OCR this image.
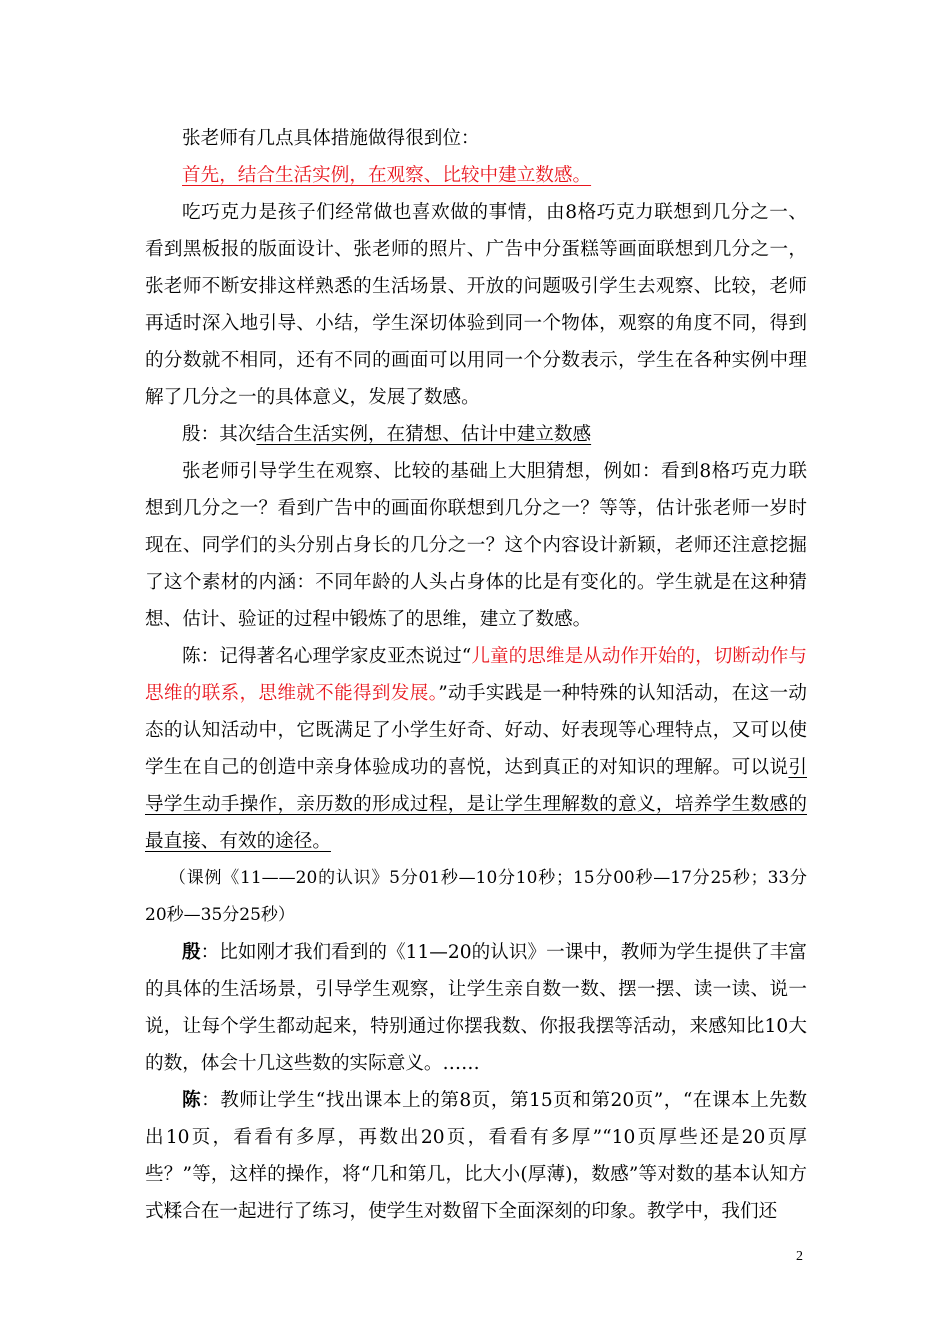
张老师有几点具体措施做得很到位：

首先，结合生活实例，在观察、比较中建立数感。

吃巧克力是孩子们经常做也喜欢做的事情，由8格巧克力联想到几分之一、看到黑板报的版面设计、张老师的照片、广告中分蛋糕等画面联想到几分之一，张老师不断安排这样熟悉的生活场景、开放的问题吸引学生去观察、比较，老师再适时深入地引导、小结，学生深切体验到同一个物体，观察的角度不同，得到的分数就不相同，还有不同的画面可以用同一个分数表示，学生在各种实例中理解了几分之一的具体意义，发展了数感。

殷：其次结合生活实例，在猜想、估计中建立数感

张老师引导学生在观察、比较的基础上大胆猜想，例如：看到8格巧克力联想到几分之一？看到广告中的画面你联想到几分之一？等等，估计张老师一岁时现在、同学们的头分别占身长的几分之一？这个内容设计新颖，老师还注意挖掘了这个素材的内涵：不同年龄的人头占身体的比是有变化的。学生就是在这种猜想、估计、验证的过程中锻炼了的思维，建立了数感。

陈：记得著名心理学家皮亚杰说过“儿童的思维是从动作开始的，切断动作与思维的联系，思维就不能得到发展。”动手实践是一种特殊的认知活动，在这一动态的认知活动中，它既满足了小学生好奇、好动、好表现等心理特点，又可以使学生在自己的创造中亲身体验成功的喜悦，达到真正的对知识的理解。可以说引导学生动手操作，亲历数的形成过程，是让学生理解数的意义，培养学生数感的最直接、有效的途径。

（课例《11——20的认识》5分01秒—10分10秒；15分00秒—17分25秒；33分20秒—35分25秒）

殷：比如刚才我们看到的《11—20的认识》一课中，教师为学生提供了丰富的具体的生活场景，引导学生观察，让学生亲自数一数、摆一摆、读一读、说一说，让每个学生都动起来，特别通过你摆我数、你报我摆等活动，来感知比10大的数，体会十几这些数的实际意义。……

陈：教师让学生“找出课本上的第8页，第15页和第20页”，“在课本上先数出10页，看看有多厚，再数出20页，看看有多厚”“10页厚些还是20页厚些？”等，这样的操作，将“几和第几，比大小(厚薄)，数感”等对数的基本认知方式糅合在一起进行了练习，使学生对数留下全面深刻的印象。教学中，我们还

2
